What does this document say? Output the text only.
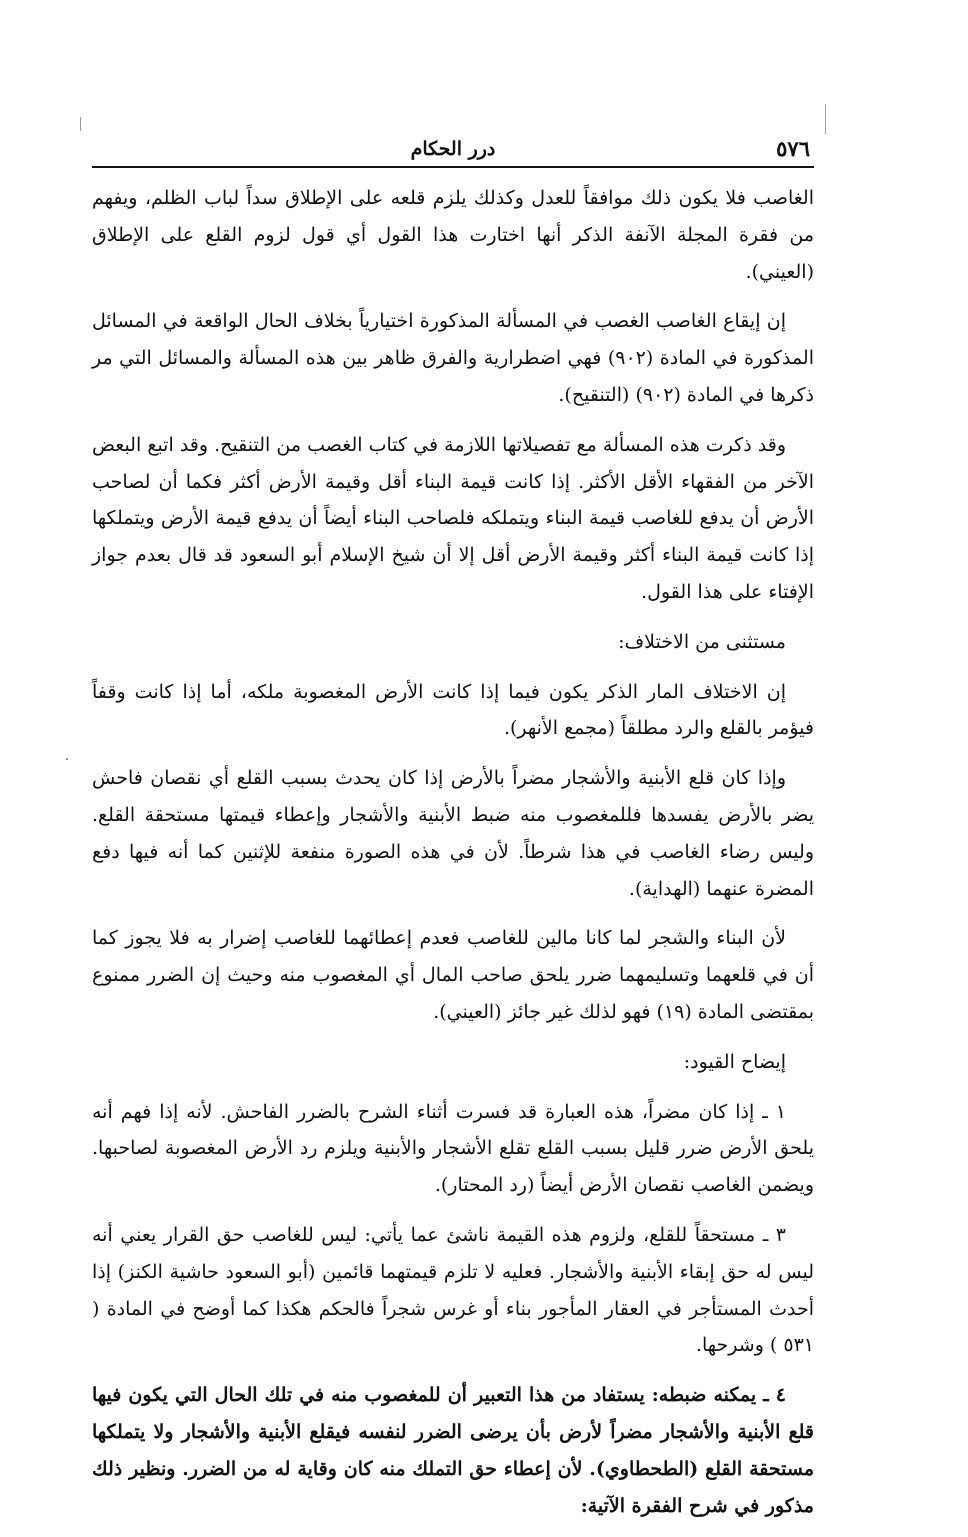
٥٧٦
درر الحكام

الغاصب فلا يكون ذلك موافقاً للعدل وكذلك يلزم قلعه على الإطلاق سداً لباب الظلم، ويفهم من فقرة المجلة الآنفة الذكر أنها اختارت هذا القول أي قول لزوم القلع على الإطلاق (العيني).

إن إيقاع الغاصب الغصب في المسألة المذكورة اختيارياً بخلاف الحال الواقعة في المسائل المذكورة في المادة (٩٠٢) فهي اضطرارية والفرق ظاهر بين هذه المسألة والمسائل التي مر ذكرها في المادة (٩٠٢) (التنقيح).

وقد ذكرت هذه المسألة مع تفصيلاتها اللازمة في كتاب الغصب من التنقيح. وقد اتبع البعض الآخر من الفقهاء الأقل الأكثر. إذا كانت قيمة البناء أقل وقيمة الأرض أكثر فكما أن لصاحب الأرض أن يدفع للغاصب قيمة البناء ويتملكه فلصاحب البناء أيضاً أن يدفع قيمة الأرض ويتملكها إذا كانت قيمة البناء أكثر وقيمة الأرض أقل إلا أن شيخ الإسلام أبو السعود قد قال بعدم جواز الإفتاء على هذا القول.

مستثنى من الاختلاف:

إن الاختلاف المار الذكر يكون فيما إذا كانت الأرض المغصوبة ملكه، أما إذا كانت وقفاً فيؤمر بالقلع والرد مطلقاً (مجمع الأنهر).

وإذا كان قلع الأبنية والأشجار مضراً بالأرض إذا كان يحدث بسبب القلع أي نقصان فاحش يضر بالأرض يفسدها فللمغصوب منه ضبط الأبنية والأشجار وإعطاء قيمتها مستحقة القلع. وليس رضاء الغاصب في هذا شرطاً. لأن في هذه الصورة منفعة للإثنين كما أنه فيها دفع المضرة عنهما (الهداية).

لأن البناء والشجر لما كانا مالين للغاصب فعدم إعطائهما للغاصب إضرار به فلا يجوز كما أن في قلعهما وتسليمهما ضرر يلحق صاحب المال أي المغصوب منه وحيث إن الضرر ممنوع بمقتضى المادة (١٩) فهو لذلك غير جائز (العيني).

إيضاح القيود:

١ ـ إذا كان مضراً، هذه العبارة قد فسرت أثناء الشرح بالضرر الفاحش. لأنه إذا فهم أنه يلحق الأرض ضرر قليل بسبب القلع تقلع الأشجار والأبنية ويلزم رد الأرض المغصوبة لصاحبها. ويضمن الغاصب نقصان الأرض أيضاً (رد المحتار).

٣ ـ مستحقاً للقلع، ولزوم هذه القيمة ناشئ عما يأتي: ليس للغاصب حق القرار يعني أنه ليس له حق إبقاء الأبنية والأشجار. فعليه لا تلزم قيمتهما قائمين (أبو السعود حاشية الكنز) إذا أحدث المستأجر في العقار المأجور بناء أو غرس شجراً فالحكم هكذا كما أوضح في المادة ( ٥٣١ ) وشرحها.

٤ ـ يمكنه ضبطه: يستفاد من هذا التعبير أن للمغصوب منه في تلك الحال التي يكون فيها قلع الأبنية والأشجار مضراً لأرض بأن يرضى الضرر لنفسه فيقلع الأبنية والأشجار ولا يتملكها مستحقة القلع (الطحطاوي). لأن إعطاء حق التملك منه كان وقاية له من الضرر. ونظير ذلك مذكور في شرح الفقرة الآتية:
